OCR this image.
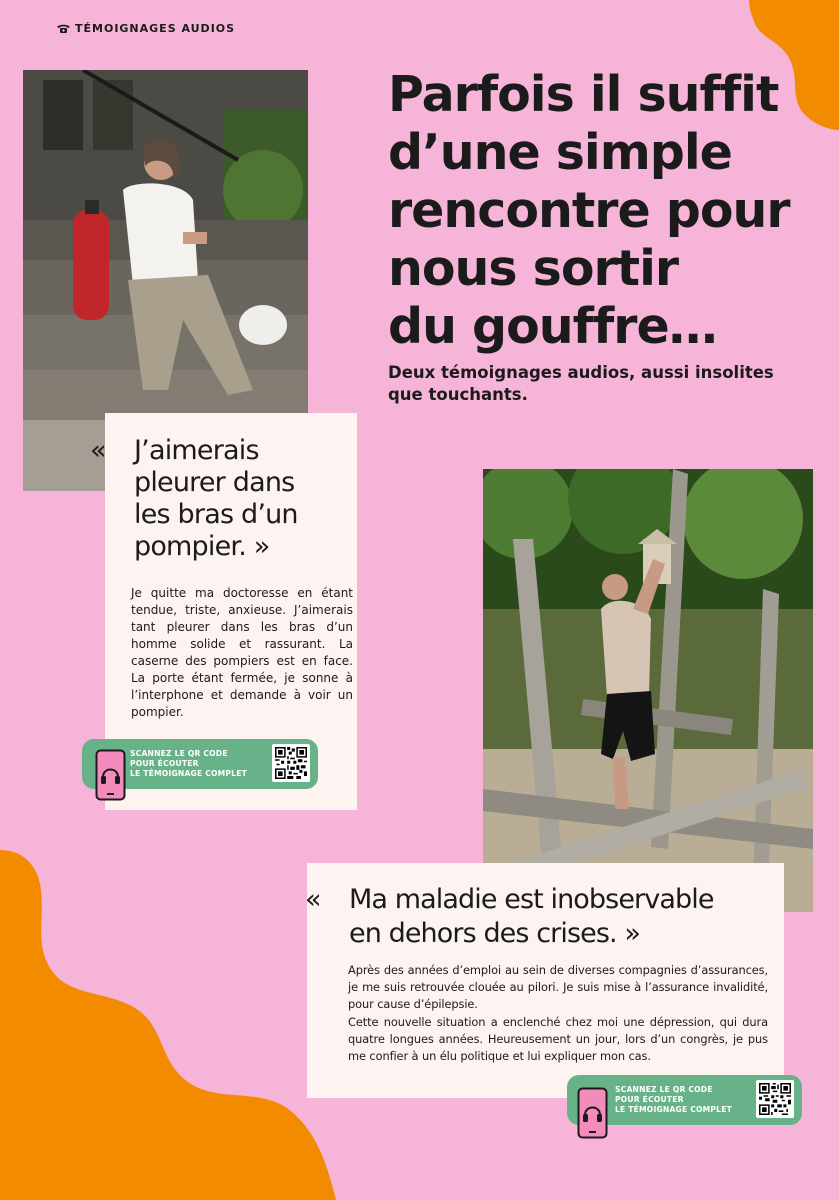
TÉMOIGNAGES AUDIOS
Parfois il suffit
d’une simple
rencontre pour
nous sortir
du gouffre…

Deux témoignages audios, aussi insolites
que touchants.

« J’aimerais
pleurer dans
les bras d’un
pompier. »

Je quitte ma doctoresse en étant tendue, triste, anxieuse. J’aimerais tant pleurer dans les bras d’un homme solide et rassurant. La caserne des pompiers est en face. La porte étant fermée, je sonne à l’interphone et demande à voir un pompier.

« Ma maladie est inobservable
en dehors des crises. »

Après des années d’emploi au sein de diverses compagnies d’assurances, je me suis retrouvée clouée au pilori. Je suis mise à l’assurance invalidité, pour cause d’épilepsie.

Cette nouvelle situation a enclenché chez moi une dépression, qui dura quatre longues années. Heureusement un jour, lors d’un congrès, je pus me confier à un élu politique et lui expliquer mon cas.

SCANNEZ LE QR CODE
POUR ÉCOUTER
LE TÉMOIGNAGE COMPLET
SCANNEZ LE QR CODE
POUR ÉCOUTER
LE TÉMOIGNAGE COMPLET
